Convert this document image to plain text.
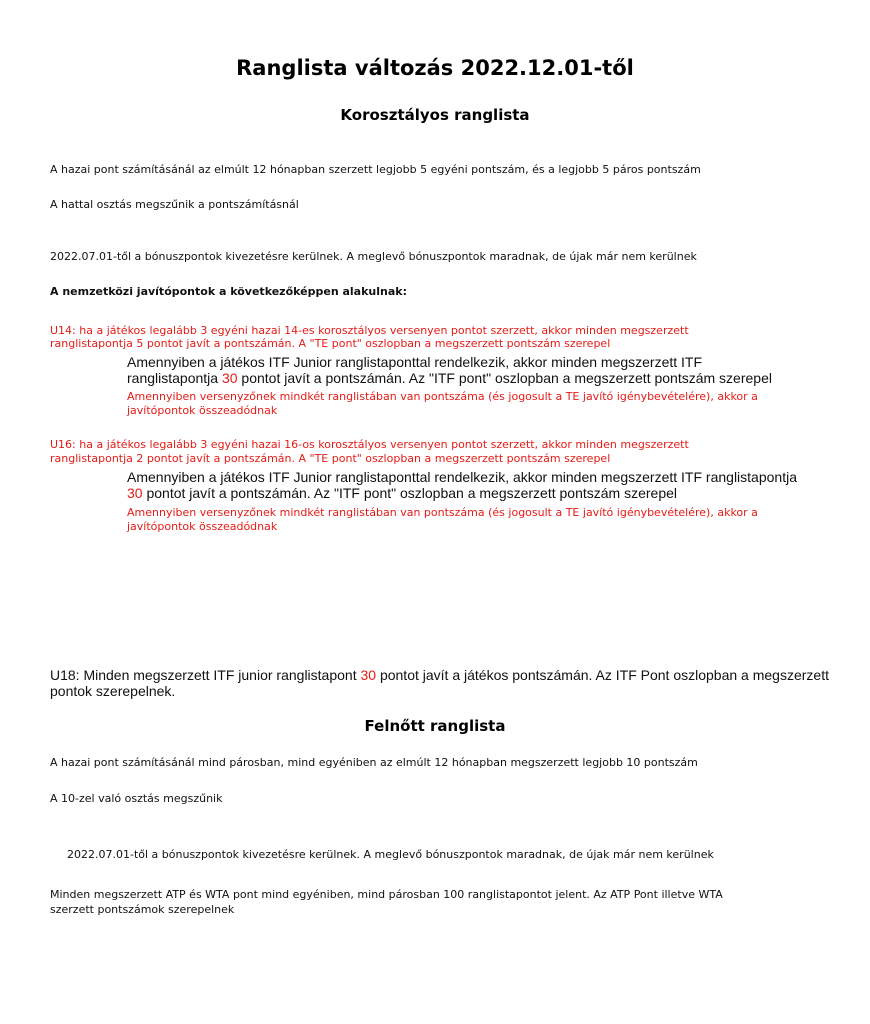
Ranglista változás 2022.12.01-től
Korosztályos ranglista
A hazai pont számításánál az elmúlt 12 hónapban szerzett legjobb 5 egyéni pontszám, és a legjobb 5 páros pontszám
A hattal osztás megszűnik a pontszámításnál
2022.07.01-től a bónuszpontok kivezetésre kerülnek. A meglevő bónuszpontok maradnak, de újak már nem kerülnek
A nemzetközi javítópontok a következőképpen alakulnak:
U14: ha a játékos legalább 3 egyéni hazai 14-es korosztályos versenyen pontot szerzett, akkor minden megszerzett
ranglistapontja 5 pontot javít a pontszámán. A "TE pont" oszlopban a megszerzett pontszám szerepel
Amennyiben a játékos ITF Junior ranglistaponttal rendelkezik, akkor minden megszerzett ITF
ranglistapontja 30 pontot javít a pontszámán. Az "ITF pont" oszlopban a megszerzett pontszám szerepel
Amennyiben versenyzőnek mindkét ranglistában van pontszáma (és jogosult a TE javító igénybevételére), akkor a
javítópontok összeadódnak
U16: ha a játékos legalább 3 egyéni hazai 16-os korosztályos versenyen pontot szerzett, akkor minden megszerzett
ranglistapontja 2 pontot javít a pontszámán. A "TE pont" oszlopban a megszerzett pontszám szerepel
Amennyiben a játékos ITF Junior ranglistaponttal rendelkezik, akkor minden megszerzett ITF ranglistapontja
30 pontot javít a pontszámán. Az "ITF pont" oszlopban a megszerzett pontszám szerepel
Amennyiben versenyzőnek mindkét ranglistában van pontszáma (és jogosult a TE javító igénybevételére), akkor a
javítópontok összeadódnak
U18: Minden megszerzett ITF junior ranglistapont 30 pontot javít a játékos pontszámán. Az ITF Pont oszlopban a megszerzett
pontok szerepelnek.
Felnőtt ranglista
A hazai pont számításánál mind párosban, mind egyéniben az elmúlt 12 hónapban megszerzett legjobb 10 pontszám
A 10-zel való osztás megszűnik
2022.07.01-től a bónuszpontok kivezetésre kerülnek. A meglevő bónuszpontok maradnak, de újak már nem kerülnek
Minden megszerzett ATP és WTA pont mind egyéniben, mind párosban 100 ranglistapontot jelent. Az ATP Pont illetve WTA
szerzett pontszámok szerepelnek
